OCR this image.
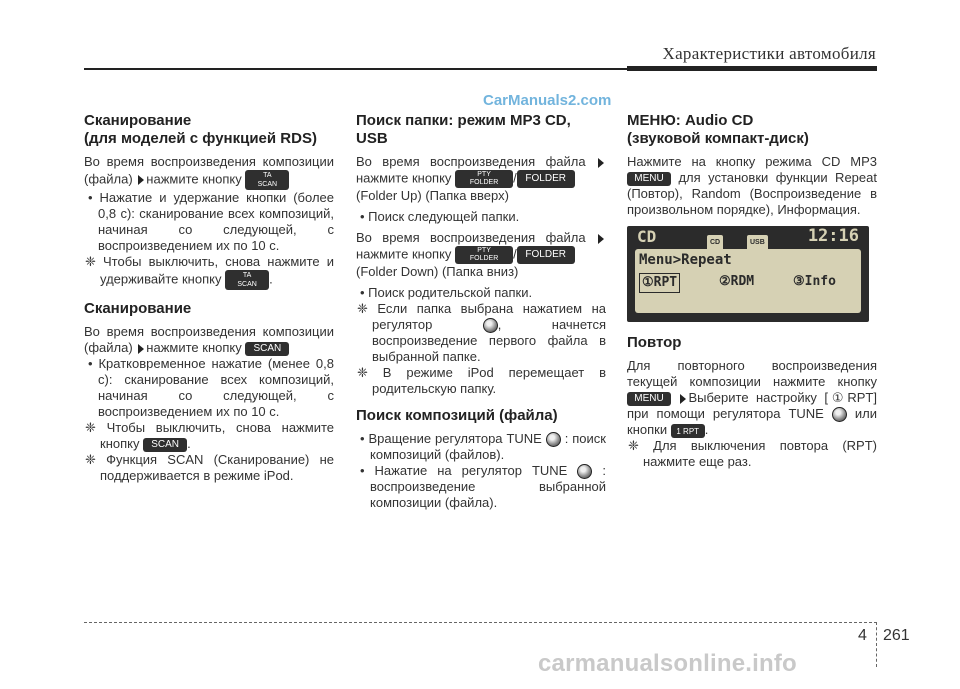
Характеристики автомобиля
CarManuals2.com
Сканирование
(для моделей с функцией RDS)

Во время воспроизведения композиции (файла) нажмите кнопку	TA
SCAN

• Нажатие и удержание кнопки (более 0,8 с): сканирование всех композиций, начиная со следующей, с воспроизведением их по 10 с.

❈ Чтобы выключить, снова нажмите и удерживайте кнопку	TA
SCAN .

Сканирование

Во время воспроизведения композиции (файла) нажмите кнопку SCAN

• Кратковременное нажатие (менее 0,8 с): сканирование всех композиций, начиная со следующей, с воспроизведением их по 10 с.

❈ Чтобы выключить, снова нажмите кнопку SCAN .

❈ Функция SCAN (Сканирование) не поддерживается в режиме iPod.

Поиск папки: режим MP3 CD,
USB

Во время воспроизведения файла  нажмите кнопку	PTY
FOLDER / FOLDER
(Folder Up) (Папка вверх)

• Поиск следующей папки.

Во время воспроизведения файла  нажмите кнопку	PTY
FOLDER / FOLDER
(Folder Down) (Папка вниз)

• Поиск родительской папки.

❈ Если папка выбрана нажатием на регулятор	, начнется воспроизведение первого файла в выбранной папке.

❈ В режиме iPod перемещает в родительскую папку.

Поиск композиций (файла)

• Вращение регулятора TUNE : поиск композиций (файлов).

• Нажатие на регулятор TUNE	: воспроизведение выбранной композиции (файла).

МЕНЮ: Audio CD
(звуковой компакт-диск)

Нажмите на кнопку режима CD MP3 MENU для установки функции Repeat (Повтор), Random (Воспроизведение в произвольном порядке), Информация.

CD	CD	USB	12:16
Menu>Repeat
①RPT	②RDM	③Info
Повтор

Для повторного воспроизведения текущей композиции нажмите кнопку MENU Выберите настройку [①RPT] при помощи регулятора TUNE или кнопки 1 RPT .

❈ Для выключения повтора (RPT) нажмите еще раз.

4 261
carmanualsonline.info
